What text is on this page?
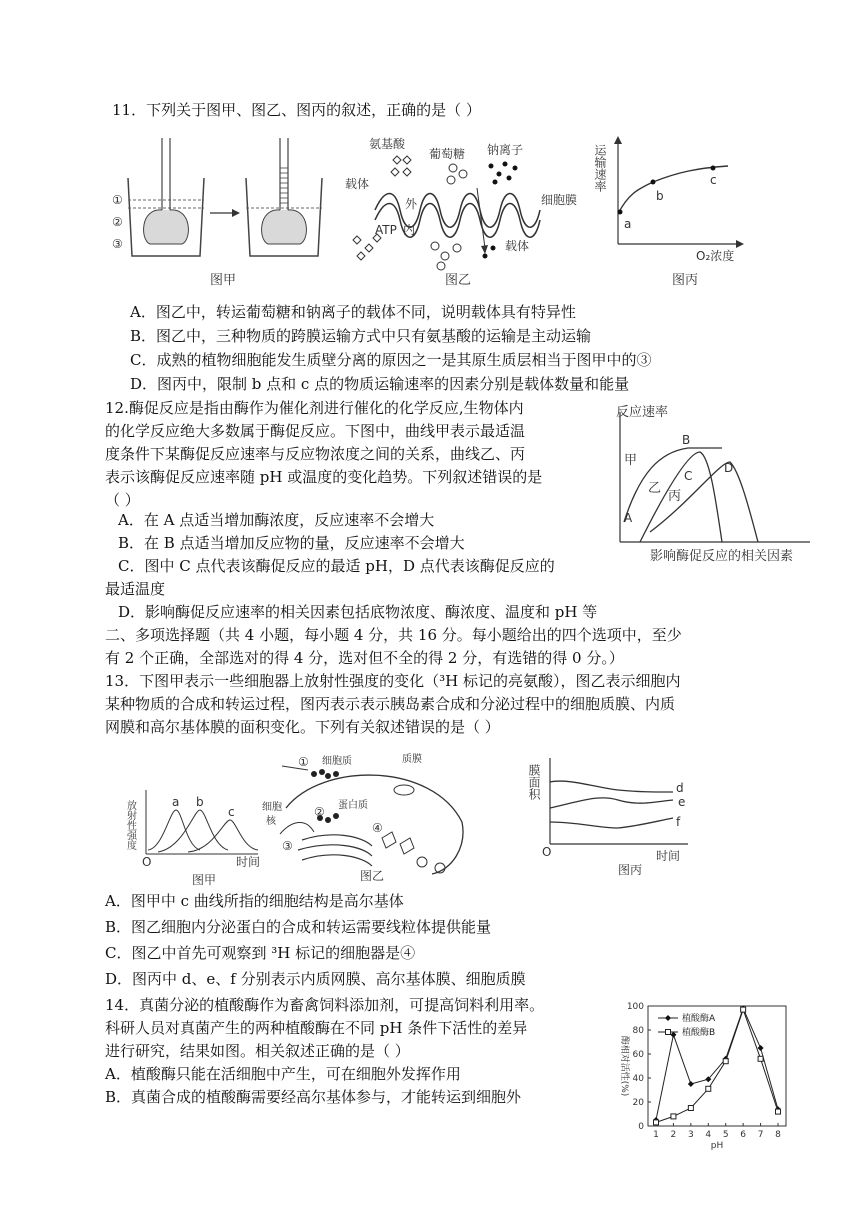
11．下列关于图甲、图乙、图丙的叙述，正确的是（ ）
①
②
③
图甲
氨基酸
葡萄糖 钠离子
载体
外
ATP 内
细胞膜
载体
图乙
运输速率
a
b
c
O₂浓度
图丙
A．图乙中，转运葡萄糖和钠离子的载体不同，说明载体具有特异性
B．图乙中，三种物质的跨膜运输方式中只有氨基酸的运输是主动运输
C．成熟的植物细胞能发生质壁分离的原因之一是其原生质层相当于图甲中的③
D．图丙中，限制 b 点和 c 点的物质运输速率的因素分别是载体数量和能量
12.酶促反应是指由酶作为催化剂进行催化的化学反应,生物体内
的化学反应绝大多数属于酶促反应。下图中，曲线甲表示最适温
度条件下某酶促反应速率与反应物浓度之间的关系，曲线乙、丙
表示该酶促反应速率随 pH 或温度的变化趋势。下列叙述错误的是
（ ）
反应速率
A
B
C
D
甲
乙
丙
影响酶促反应的相关因素
A．在 A 点适当增加酶浓度，反应速率不会增大
B．在 B 点适当增加反应物的量，反应速率不会增大
C．图中 C 点代表该酶促反应的最适 pH，D 点代表该酶促反应的
最适温度
D．影响酶促反应速率的相关因素包括底物浓度、酶浓度、温度和 pH 等
二、多项选择题（共 4 小题，每小题 4 分，共 16 分。每小题给出的四个选项中，至少
有 2 个正确，全部选对的得 4 分，选对但不全的得 2 分，有选错的得 0 分。）
13．下图甲表示一些细胞器上放射性强度的变化（³H 标记的亮氨酸），图乙表示细胞内
某种物质的合成和转运过程，图丙表示表示胰岛素合成和分泌过程中的细胞质膜、内质
网膜和高尔基体膜的面积变化。下列有关叙述错误的是（ ）
放射性强度	a b
c
O	时间
图甲
① 细胞质	质膜
细胞
核
② 蛋白质
③
④
图乙
膜面积
O
d
e
f
时间
图丙
A．图甲中 c 曲线所指的细胞结构是高尔基体
B．图乙细胞内分泌蛋白的合成和转运需要线粒体提供能量
C．图乙中首先可观察到 ³H 标记的细胞器是④
D．图丙中 d、e、f 分别表示内质网膜、高尔基体膜、细胞质膜
14．真菌分泌的植酸酶作为畜禽饲料添加剂，可提高饲料利用率。
科研人员对真菌产生的两种植酸酶在不同 pH 条件下活性的差异
进行研究，结果如图。相关叙述正确的是（ ）
A．植酸酶只能在活细胞中产生，可在细胞外发挥作用
B．真菌合成的植酸酶需要经高尔基体参与，才能转运到细胞外
0
20
40
60
80
100
1 2 3 4 5 6 7 8
pH
酶相对活性(%)
植酸酶A
植酸酶B
